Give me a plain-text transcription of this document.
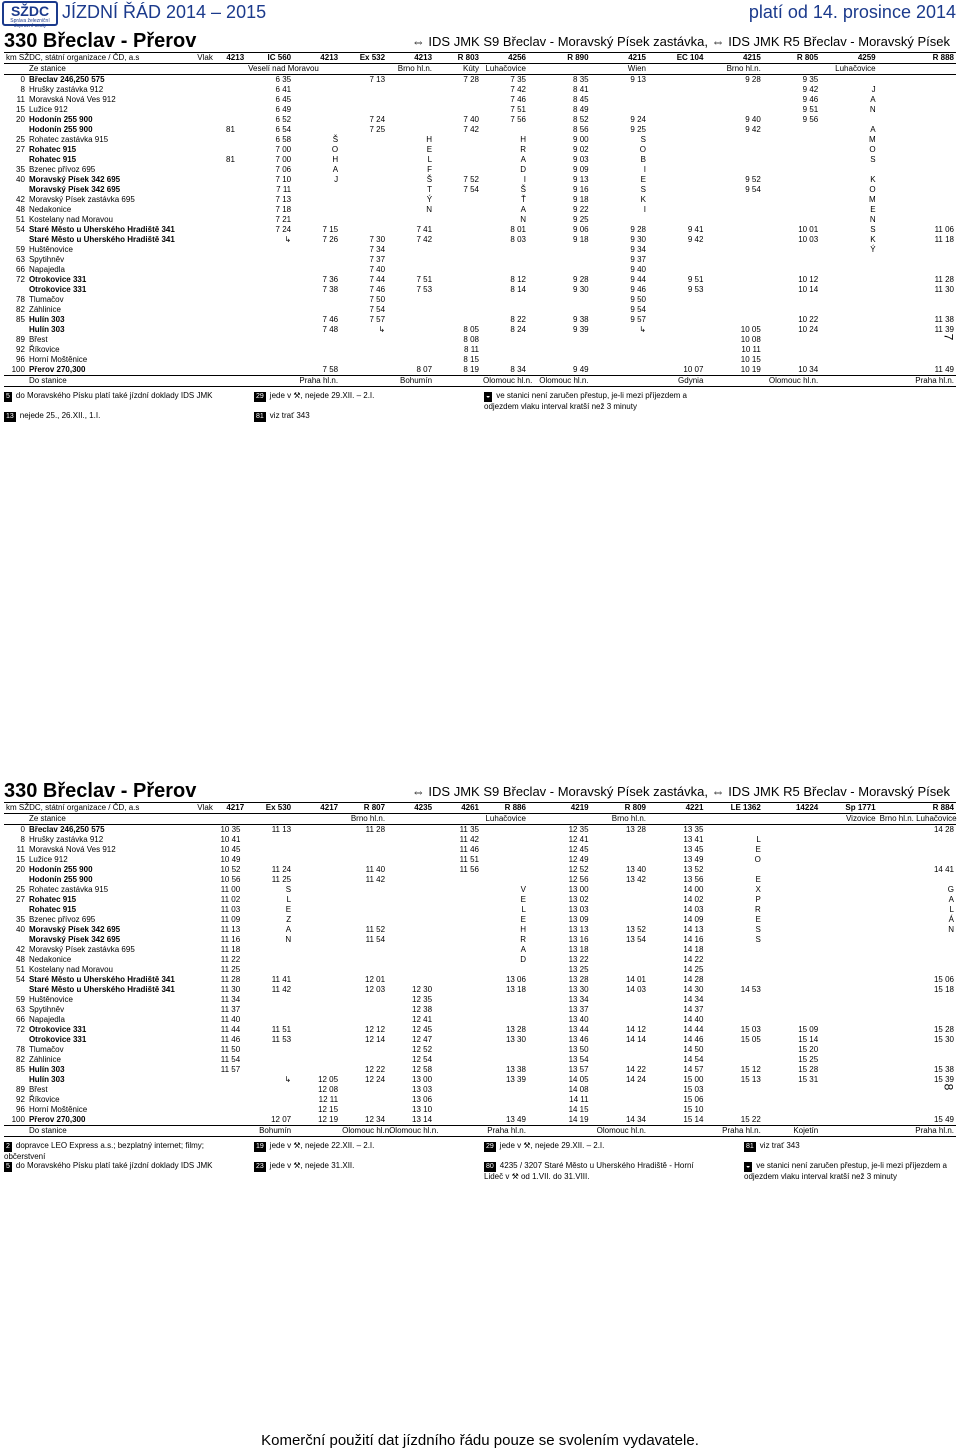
SŽDC
Správa železniční dopravní cesty
JÍZDNÍ ŘÁD 2014 – 2015	platí od 14. prosince 2014
330 Břeclav - Přerov	⇔ IDS JMK S9 Břeclav - Moravský Písek zastávka, ⇔ IDS JMK R5 Břeclav - Moravský Písek
km SŽDC, státní organizace / ČD, a.s	Vlak	4213	IC 560	4213	Ex 532	4213	R 803	4256	R 890	4215	EC 104	4215	R 805	4259	R 888
	Ze stanice		Veselí nad Moravou			Brno hl.n.	Kúty	Luhačovice		Wien		Brno hl.n.		Luhačovice	
0	Břeclav 246,250 575		6 35		7 13		7 28	7 35	8 35	9 13		9 28	9 35		
8	Hrušky zastávka 912		6 41					7 42	8 41				9 42	J	
11	Moravská Nová Ves 912		6 45					7 46	8 45				9 46	A	
15	Lužice 912		6 49					7 51	8 49				9 51	N	
20	Hodonín 255 900		6 52		7 24		7 40	7 56	8 52	9 24		9 40	9 56		
	Hodonín 255 900	81	6 54		7 25		7 42		8 56	9 25		9 42		A	
25	Rohatec zastávka 915		6 58	Š		H		H	9 00	S				M	
27	Rohatec 915		7 00	O		E		R	9 02	O				O	
	Rohatec 915	81	7 00	H		L		A	9 03	B				S	
35	Bzenec přívoz 695		7 06	A		F		D	9 09	I					
40	Moravský Písek 342 695		7 10	J		Š	7 52	I	9 13	E		9 52		K	
	Moravský Písek 342 695		7 11			T	7 54	Š	9 16	S		9 54		O	
42	Moravský Písek zastávka 695		7 13			Ý		Ť	9 18	K				M	
48	Nedakonice		7 18			N		A	9 22	I				E	
51	Kostelany nad Moravou		7 21					N	9 25					N	
54	Staré Město u Uherského Hradiště 341		7 24	7 15		7 41		8 01	9 06	9 28	9 41		10 01	S	11 06
	Staré Město u Uherského Hradiště 341		↳	7 26	7 30	7 42		8 03	9 18	9 30	9 42		10 03	K	11 18
59	Huštěnovice				7 34					9 34				Ý	
63	Spytihněv				7 37					9 37					
66	Napajedla				7 40					9 40					
72	Otrokovice 331			7 36	7 44	7 51		8 12	9 28	9 44	9 51		10 12		11 28
	Otrokovice 331			7 38	7 46	7 53		8 14	9 30	9 46	9 53		10 14		11 30
78	Tlumačov				7 50					9 50					
82	Záhlinice				7 54					9 54					
85	Hulín 303			7 46	7 57			8 22	9 38	9 57			10 22		11 38
	Hulín 303			7 48	↳		8 05	8 24	9 39	↳		10 05	10 24		11 39
89	Břest						8 08					10 08			
92	Říkovice						8 11					10 11			
96	Horní Moštěnice						8 15					10 15			
100	Přerov 270,300			7 58		8 07	8 19	8 34	9 49		10 07	10 19	10 34		11 49
	Do stanice			Praha hl.n.		Bohumín		Olomouc hl.n.	Olomouc hl.n.		Gdynia		Olomouc hl.n.		Praha hl.n.
5 do Moravského Písku platí také jízdní doklady IDS JMK
13 nejede 25., 26.XII., 1.I.
29 jede v ⚒, nejede 29.XII. – 2.I.
81 viz trať 343
◒ ve stanici není zaručen přestup, je-li mezi příjezdem a odjezdem vlaku interval kratší než 3 minuty
330 Břeclav - Přerov	⇔ IDS JMK S9 Břeclav - Moravský Písek zastávka, ⇔ IDS JMK R5 Břeclav - Moravský Písek
km SŽDC, státní organizace / ČD, a.s	Vlak	4217	Ex 530	4217	R 807	4235	4261	R 886	4219	R 809	4221	LE 1362	14224	Sp 1771	R 884
	Ze stanice				Brno hl.n.			Luhačovice		Brno hl.n.				Vizovice	Brno hl.n. Luhačovice
0	Břeclav 246,250 575	10 35	11 13		11 28		11 35		12 35	13 28	13 35				14 28
8	Hrušky zastávka 912	10 41					11 42		12 41		13 41	L			
11	Moravská Nová Ves 912	10 45					11 46		12 45		13 45	E			
15	Lužice 912	10 49					11 51		12 49		13 49	O			
20	Hodonín 255 900	10 52	11 24		11 40		11 56		12 52	13 40	13 52				14 41
	Hodonín 255 900	10 56	11 25		11 42				12 56	13 42	13 56	E			
25	Rohatec zastávka 915	11 00	S					V	13 00		14 00	X			G
27	Rohatec 915	11 02	L					E	13 02		14 02	P			A
	Rohatec 915	11 03	E					L	13 03		14 03	R			L
35	Bzenec přívoz 695	11 09	Z					E	13 09		14 09	E			Á
40	Moravský Písek 342 695	11 13	A		11 52			H	13 13	13 52	14 13	S			N
	Moravský Písek 342 695	11 16	N		11 54			R	13 16	13 54	14 16	S			
42	Moravský Písek zastávka 695	11 18						A	13 18		14 18				
48	Nedakonice	11 22						D	13 22		14 22				
51	Kostelany nad Moravou	11 25							13 25		14 25				
54	Staré Město u Uherského Hradiště 341	11 28	11 41		12 01			13 06	13 28	14 01	14 28				15 06
	Staré Město u Uherského Hradiště 341	11 30	11 42		12 03	12 30		13 18	13 30	14 03	14 30	14 53			15 18
59	Huštěnovice	11 34				12 35			13 34		14 34				
63	Spytihněv	11 37				12 38			13 37		14 37				
66	Napajedla	11 40				12 41			13 40		14 40				
72	Otrokovice 331	11 44	11 51		12 12	12 45		13 28	13 44	14 12	14 44	15 03	15 09		15 28
	Otrokovice 331	11 46	11 53		12 14	12 47		13 30	13 46	14 14	14 46	15 05	15 14		15 30
78	Tlumačov	11 50				12 52			13 50		14 50		15 20		
82	Záhlinice	11 54				12 54			13 54		14 54		15 25		
85	Hulín 303	11 57			12 22	12 58		13 38	13 57	14 22	14 57	15 12	15 28		15 38
	Hulín 303		↳	12 05	12 24	13 00		13 39	14 05	14 24	15 00	15 13	15 31		15 39
89	Břest			12 08		13 03			14 08		15 03				
92	Říkovice			12 11		13 06			14 11		15 06				
96	Horní Moštěnice			12 15		13 10			14 15		15 10				
100	Přerov 270,300		12 07	12 19	12 34	13 14		13 49	14 19	14 34	15 14	15 22			15 49
	Do stanice		Bohumín		Olomouc hl.n.	Olomouc hl.n.		Praha hl.n.		Olomouc hl.n.		Praha hl.n.	Kojetín		Praha hl.n.
2 dopravce LEO Express a.s.; bezplatný internet; filmy; občerstvení
5 do Moravského Písku platí také jízdní doklady IDS JMK
19 jede v ⚒, nejede 22.XII. – 2.I.
23 jede v ⚒, nejede 31.XII.
29 jede v ⚒, nejede 29.XII. – 2.I.
80 4235 / 3207 Staré Město u Uherského Hradiště - Horní Lideč v ⚒ od 1.VII. do 31.VIII.
81 viz trať 343
◒ ve stanici není zaručen přestup, je-li mezi příjezdem a odjezdem vlaku interval kratší než 3 minuty
Komerční použití dat jízdního řádu pouze se svolením vydavatele.
7
8
